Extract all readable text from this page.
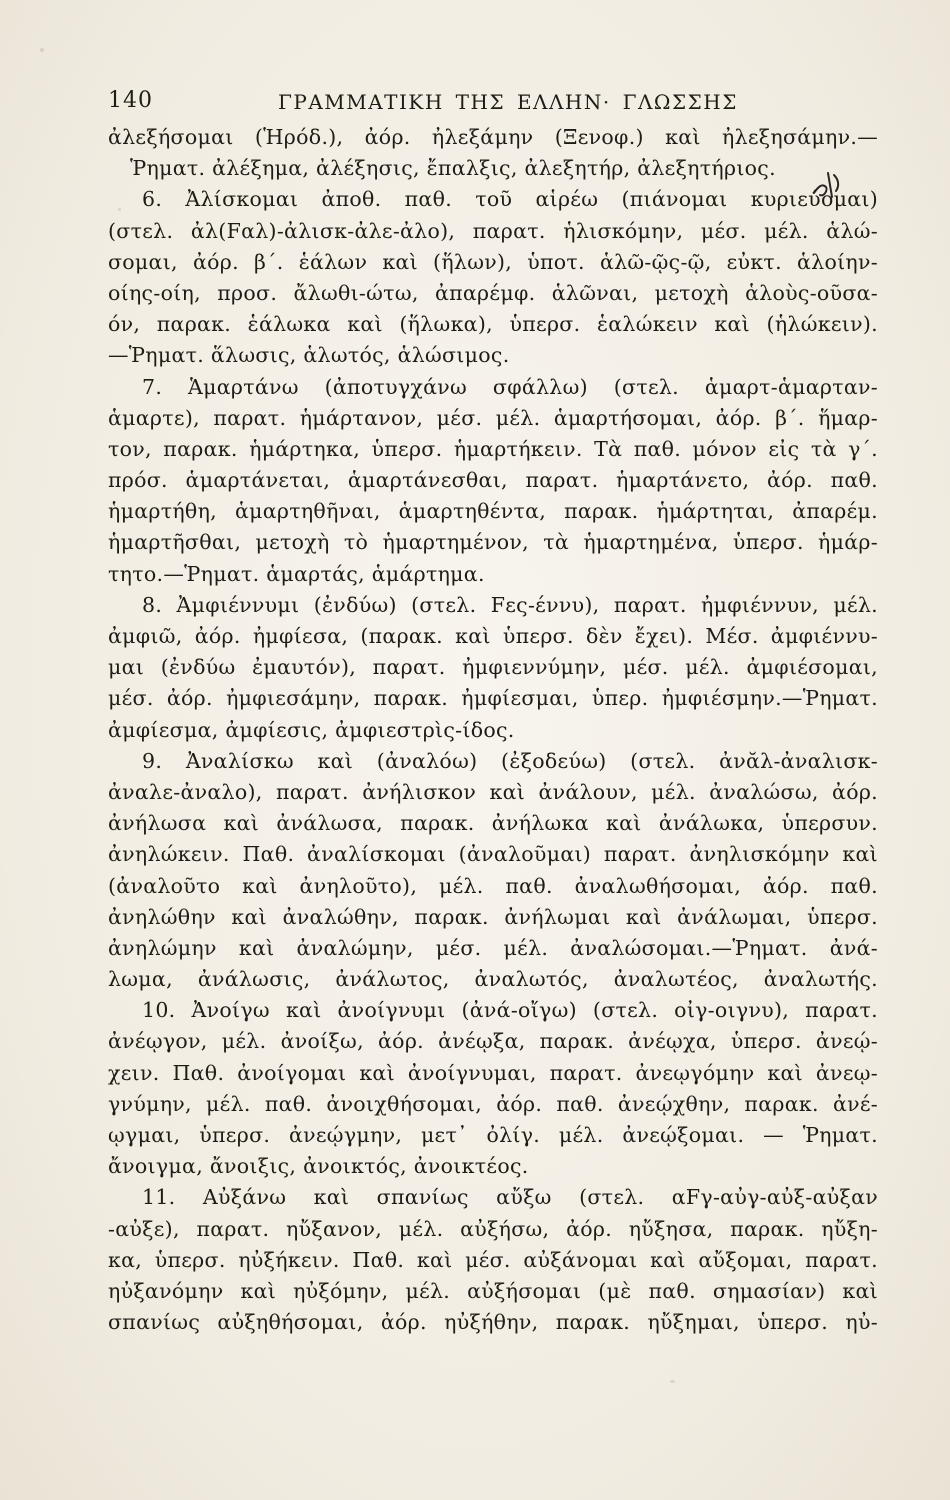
140	ΓΡΑΜΜΑΤΙΚΗ ΤΗΣ ΕΛΛΗΝ· ΓΛΩΣΣΗΣ
ἀλεξήσομαι (Ἡρόδ.), ἀόρ. ἠλεξάμην (Ξενοφ.) καὶ ἠλεξησάμην.—
Ῥηματ. ἀλέξημα, ἀλέξησις, ἔπαλξις, ἀλεξητήρ, ἀλεξητήριος.
6. Ἀλίσκομαι ἀποθ. παθ. τοῦ αἱρέω (πιάνομαι κυριεύομαι)
(στελ. ἀλ(Fαλ)-ἀλισκ-ἀλε-ἀλο), παρατ. ἡλισκόμην, μέσ. μέλ. ἁλώ-
σομαι, ἀόρ. β΄. ἑάλων καὶ (ἥλων), ὑποτ. ἁλῶ-ῷς-ῷ, εὐκτ. ἁλοίην-
οίης-οίη, προσ. ἄλωθι-ώτω, ἀπαρέμφ. ἁλῶναι, μετοχὴ ἁλοὺς-οῦσα-
όν, παρακ. ἑάλωκα καὶ (ἥλωκα), ὑπερσ. ἑαλώκειν καὶ (ἡλώκειν).
—Ῥηματ. ἅλωσις, ἁλωτός, ἁλώσιμος.
7. Ἁμαρτάνω (ἀποτυγχάνω σφάλλω) (στελ. ἁμαρτ-ἁμαρταν-
ἁμαρτε), παρατ. ἡμάρτανον, μέσ. μέλ. ἁμαρτήσομαι, ἀόρ. β΄. ἥμαρ-
τον, παρακ. ἡμάρτηκα, ὑπερσ. ἡμαρτήκειν. Τὰ παθ. μόνον εἰς τὰ γ΄.
πρόσ. ἁμαρτάνεται, ἁμαρτάνεσθαι, παρατ. ἡμαρτάνετο, ἀόρ. παθ.
ἡμαρτήθη, ἁμαρτηθῆναι, ἁμαρτηθέντα, παρακ. ἡμάρτηται, ἀπαρέμ.
ἡμαρτῆσθαι, μετοχὴ τὸ ἡμαρτημένον, τὰ ἡμαρτημένα, ὑπερσ. ἡμάρ-
τητο.—Ῥηματ. ἁμαρτάς, ἁμάρτημα.
8. Ἀμφιέννυμι (ἐνδύω) (στελ. Fες-έννυ), παρατ. ἠμφιέννυν, μέλ.
ἀμφιῶ, ἀόρ. ἠμφίεσα, (παρακ. καὶ ὑπερσ. δὲν ἔχει). Μέσ. ἀμφιέννυ-
μαι (ἐνδύω ἐμαυτόν), παρατ. ἠμφιεννύμην, μέσ. μέλ. ἀμφιέσομαι,
μέσ. ἀόρ. ἠμφιεσάμην, παρακ. ἠμφίεσμαι, ὑπερ. ἠμφιέσμην.—Ῥηματ.
ἀμφίεσμα, ἀμφίεσις, ἀμφιεστρὶς-ίδος.
9. Ἀναλίσκω καὶ (ἀναλόω) (ἐξοδεύω) (στελ. ἀνᾰλ-ἀναλισκ-
ἀναλε-ἀναλο), παρατ. ἀνήλισκον καὶ ἀνάλουν, μέλ. ἀναλώσω, ἀόρ.
ἀνήλωσα καὶ ἀνάλωσα, παρακ. ἀνήλωκα καὶ ἀνάλωκα, ὑπερσυν.
ἀνηλώκειν. Παθ. ἀναλίσκομαι (ἀναλοῦμαι) παρατ. ἀνηλισκόμην καὶ
(ἀναλοῦτο καὶ ἀνηλοῦτο), μέλ. παθ. ἀναλωθήσομαι, ἀόρ. παθ.
ἀνηλώθην καὶ ἀναλώθην, παρακ. ἀνήλωμαι καὶ ἀνάλωμαι, ὑπερσ.
ἀνηλώμην καὶ ἀναλώμην, μέσ. μέλ. ἀναλώσομαι.—Ῥηματ. ἀνά-
λωμα, ἀνάλωσις, ἀνάλωτος, ἀναλωτός, ἀναλωτέος, ἀναλωτής.
10. Ἀνοίγω καὶ ἀνοίγνυμι (ἀνά-οἴγω) (στελ. οἰγ-οιγνυ), παρατ.
ἀνέῳγον, μέλ. ἀνοίξω, ἀόρ. ἀνέῳξα, παρακ. ἀνέῳχα, ὑπερσ. ἀνεῴ-
χειν. Παθ. ἀνοίγομαι καὶ ἀνοίγνυμαι, παρατ. ἀνεῳγόμην καὶ ἀνεῳ-
γνύμην, μέλ. παθ. ἀνοιχθήσομαι, ἀόρ. παθ. ἀνεῴχθην, παρακ. ἀνέ-
ῳγμαι, ὑπερσ. ἀνεῴγμην, μετ᾿ ὀλίγ. μέλ. ἀνεῴξομαι. — Ῥηματ.
ἄνοιγμα, ἄνοιξις, ἀνοικτός, ἀνοικτέος.
11. Αὐξάνω καὶ σπανίως αὔξω (στελ. αFγ-αὐγ-αὐξ-αὐξαν
-αὐξε), παρατ. ηὔξανον, μέλ. αὐξήσω, ἀόρ. ηὔξησα, παρακ. ηὔξη-
κα, ὑπερσ. ηὐξήκειν. Παθ. καὶ μέσ. αὐξάνομαι καὶ αὔξομαι, παρατ.
ηὐξανόμην καὶ ηὐξόμην, μέλ. αὐξήσομαι (μὲ παθ. σημασίαν) καὶ
σπανίως αὐξηθήσομαι, ἀόρ. ηὐξήθην, παρακ. ηὔξημαι, ὑπερσ. ηὐ-
